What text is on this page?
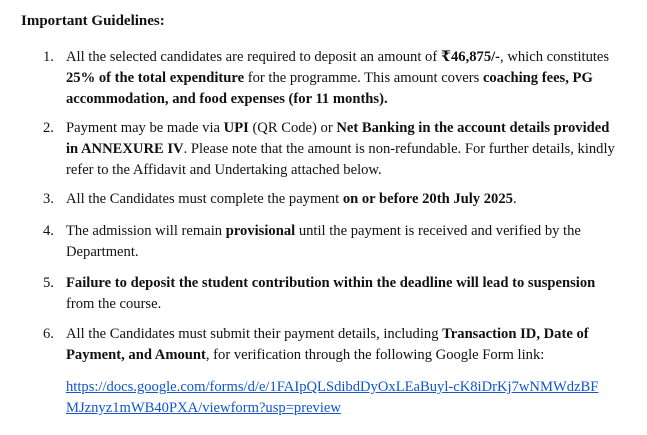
Important Guidelines:
1. All the selected candidates are required to deposit an amount of ₹46,875/-, which constitutes 25% of the total expenditure for the programme. This amount covers coaching fees, PG accommodation, and food expenses (for 11 months).
2. Payment may be made via UPI (QR Code) or Net Banking in the account details provided in ANNEXURE IV. Please note that the amount is non-refundable. For further details, kindly refer to the Affidavit and Undertaking attached below.
3. All the Candidates must complete the payment on or before 20th July 2025.
4. The admission will remain provisional until the payment is received and verified by the Department.
5. Failure to deposit the student contribution within the deadline will lead to suspension from the course.
6. All the Candidates must submit their payment details, including Transaction ID, Date of Payment, and Amount, for verification through the following Google Form link:
https://docs.google.com/forms/d/e/1FAIpQLSdibdDyOxLEaBuyl-cK8iDrKj7wNMWdzBF
MJznyz1mWB40PXA/viewform?usp=preview
